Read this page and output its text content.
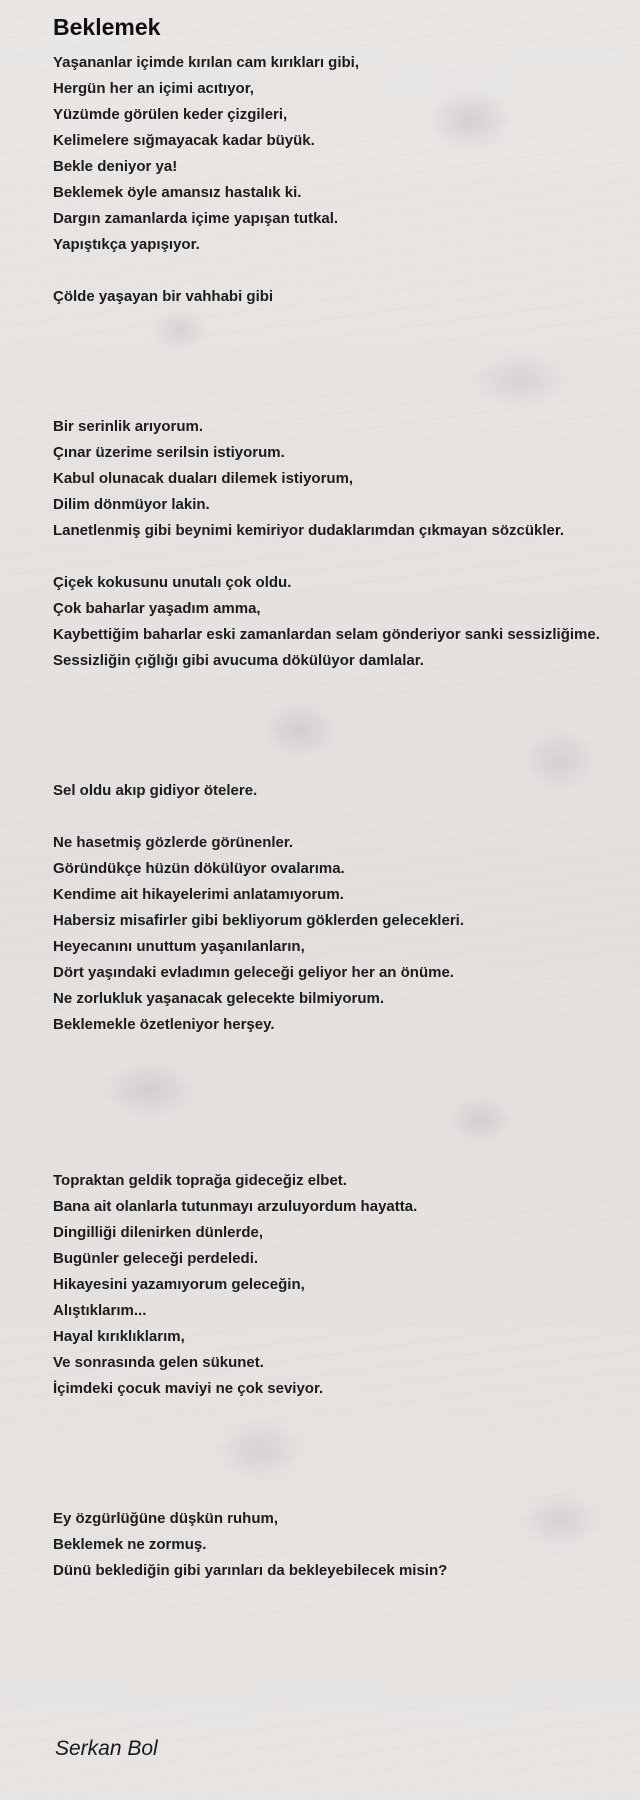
Beklemek
Yaşananlar içimde kırılan cam kırıkları gibi,
Hergün her an içimi acıtıyor,
Yüzümde görülen keder çizgileri,
Kelimelere sığmayacak kadar büyük.
Bekle deniyor ya!
Beklemek öyle amansız hastalık ki.
Dargın zamanlarda içime yapışan tutkal.
Yapıştıkça yapışıyor.
Çölde yaşayan bir vahhabi gibi
Bir serinlik arıyorum.
Çınar üzerime serilsin istiyorum.
Kabul olunacak duaları dilemek istiyorum,
Dilim dönmüyor lakin.
Lanetlenmiş gibi beynimi kemiriyor dudaklarımdan çıkmayan sözcükler.
Çiçek kokusunu unutalı çok oldu.
Çok baharlar yaşadım amma,
Kaybettiğim baharlar eski zamanlardan selam gönderiyor sanki sessizliğime.
Sessizliğin çığlığı gibi avucuma dökülüyor damlalar.
Sel oldu akıp gidiyor ötelere.
Ne hasetmiş gözlerde görünenler.
Göründükçe hüzün dökülüyor ovalarıma.
Kendime ait hikayelerimi anlatamıyorum.
Habersiz misafirler gibi bekliyorum göklerden gelecekleri.
Heyecanını unuttum yaşanılanların,
Dört yaşındaki evladımın geleceği geliyor her an önüme.
Ne zorlukluk yaşanacak gelecekte bilmiyorum.
Beklemekle özetleniyor herşey.
Topraktan geldik toprağa gideceğiz elbet.
Bana ait olanlarla tutunmayı arzuluyordum hayatta.
Dingilliği dilenirken dünlerde,
Bugünler geleceği perdeledi.
Hikayesini yazamıyorum geleceğin,
Alıştıklarım...
Hayal kırıklıklarım,
Ve sonrasında gelen sükunet.
İçimdeki çocuk maviyi ne çok seviyor.
Ey özgürlüğüne düşkün ruhum,
Beklemek ne zormuş.
Dünü beklediğin gibi yarınları da bekleyebilecek misin?
Serkan Bol
